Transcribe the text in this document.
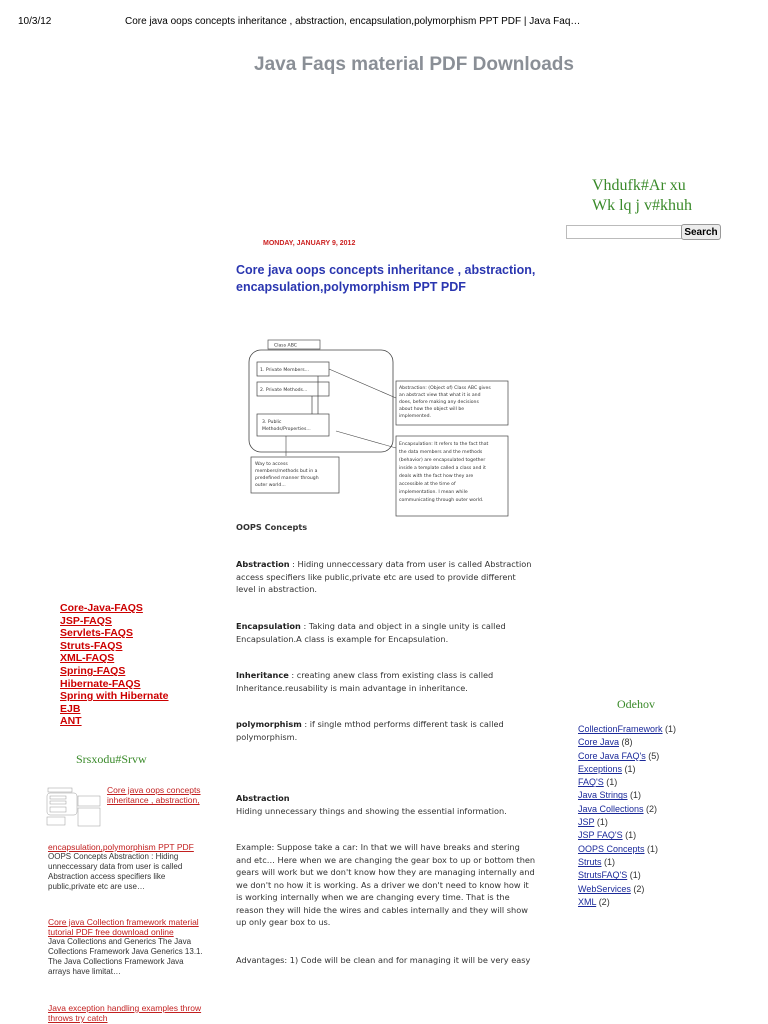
10/3/12	Core java oops concepts inheritance , abstraction, encapsulation,polymorphism PPT PDF | Java Faq…
Java Faqs material PDF Downloads
Vhdufk#Ar xu
Wk lq j v#khuh
Search
MONDAY, JANUARY 9, 2012
Core java oops concepts inheritance , abstraction, encapsulation,polymorphism PPT PDF
Class ABC
1. Private Members...
2. Private Methods...
3. Public
Methods/Properties...
Way to access members/methods but in a predefined manner through outer world...
Abstraction: (Object of) Class ABC gives an abstract view that what it is and does, before making any decisions about how the object will be implemented.
Encapsulation: It refers to the fact that the data members and the methods (behavior) are encapsulated together inside a template called a class and it deals with the fact how they are accessible at the time of implementation. I mean while communicating through outer world.
OOPS Concepts
Abstraction : Hiding unneccessary data from user is called Abstraction access specifiers like public,private etc are used to provide different level in abstraction.
Encapsulation : Taking data and object in a single unity is called Encapsulation.A class is example for Encapsulation.
Inheritance : creating anew class from existing class is called Inheritance.reusability is main advantage in inheritance.
polymorphism : if single mthod performs different task is called polymorphism.
Abstraction
Hiding unnecessary things and showing the essential information.
Example: Suppose take a car: In that we will have breaks and stering and etc… Here when we are changing the gear box to up or bottom then gears will work but we don't know how they are managing internally and we don't no how it is working. As a driver we don't need to know how it is working internally when we are changing every time. That is the reason they will hide the wires and cables internally and they will show up only gear box to us.
Advantages: 1) Code will be clean and for managing it will be very easy
Core-Java-FAQS
JSP-FAQS
Servlets-FAQS
Struts-FAQS
XML-FAQS
Spring-FAQS
Hibernate-FAQS
Spring with Hibernate
EJB
ANT
Srsxodu#Srvw
Core java oops concepts inheritance , abstraction,
encapsulation,polymorphism PPT PDF
OOPS Concepts Abstraction : Hiding unneccessary data from user is called Abstraction access specifiers like public,private etc are use…
Core java Collection framework material tutorial PDF free download online
Java Collections and Generics The Java Collections Framework Java Generics 13.1. The Java Collections Framework Java arrays have limitat…
Java exception handling examples throw throws try catch
Odehov
CollectionFramework (1)
Core Java (8)
Core Java FAQ's (5)
Exceptions (1)
FAQ'S (1)
Java Strings (1)
Java Collections (2)
JSP (1)
JSP FAQ'S (1)
OOPS Concepts (1)
Struts (1)
StrutsFAQ'S (1)
WebServices (2)
XML (2)
